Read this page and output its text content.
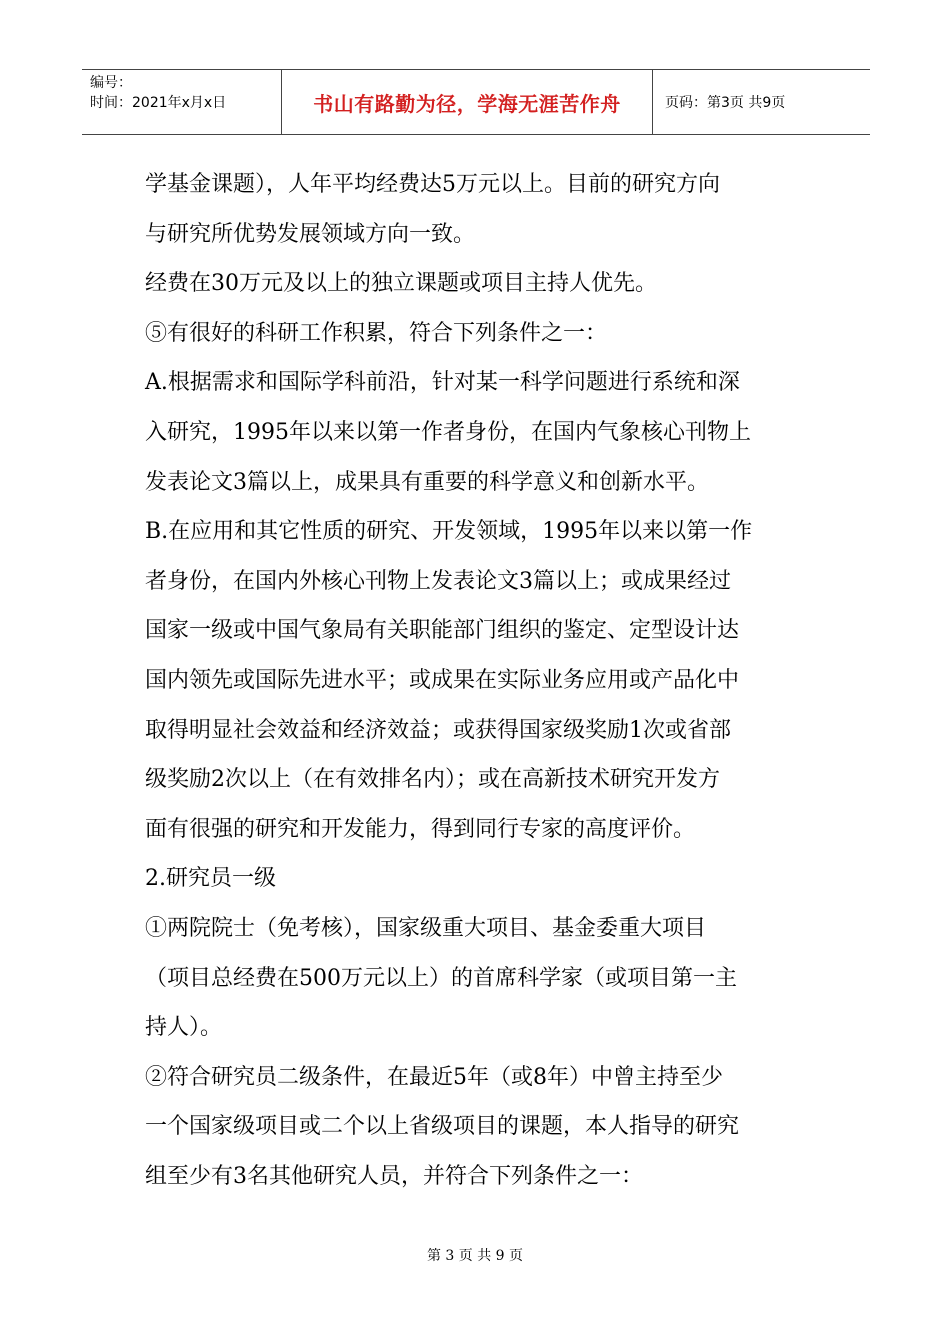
编号：
时间：2021年x月x日	书山有路勤为径，学海无涯苦作舟	页码：第3页 共9页
学基金课题），人年平均经费达5万元以上。目前的研究方向
与研究所优势发展领域方向一致。
经费在30万元及以上的独立课题或项目主持人优先。
⑤有很好的科研工作积累，符合下列条件之一：
A.根据需求和国际学科前沿，针对某一科学问题进行系统和深
入研究，1995年以来以第一作者身份，在国内气象核心刊物上
发表论文3篇以上，成果具有重要的科学意义和创新水平。
B.在应用和其它性质的研究、开发领域，1995年以来以第一作
者身份，在国内外核心刊物上发表论文3篇以上；或成果经过
国家一级或中国气象局有关职能部门组织的鉴定、定型设计达
国内领先或国际先进水平；或成果在实际业务应用或产品化中
取得明显社会效益和经济效益；或获得国家级奖励1次或省部
级奖励2次以上（在有效排名内）；或在高新技术研究开发方
面有很强的研究和开发能力，得到同行专家的高度评价。
2.研究员一级
①两院院士（免考核），国家级重大项目、基金委重大项目
（项目总经费在500万元以上）的首席科学家（或项目第一主
持人）。
②符合研究员二级条件，在最近5年（或8年）中曾主持至少
一个国家级项目或二个以上省级项目的课题，本人指导的研究
组至少有3名其他研究人员，并符合下列条件之一：
第 3 页 共 9 页
